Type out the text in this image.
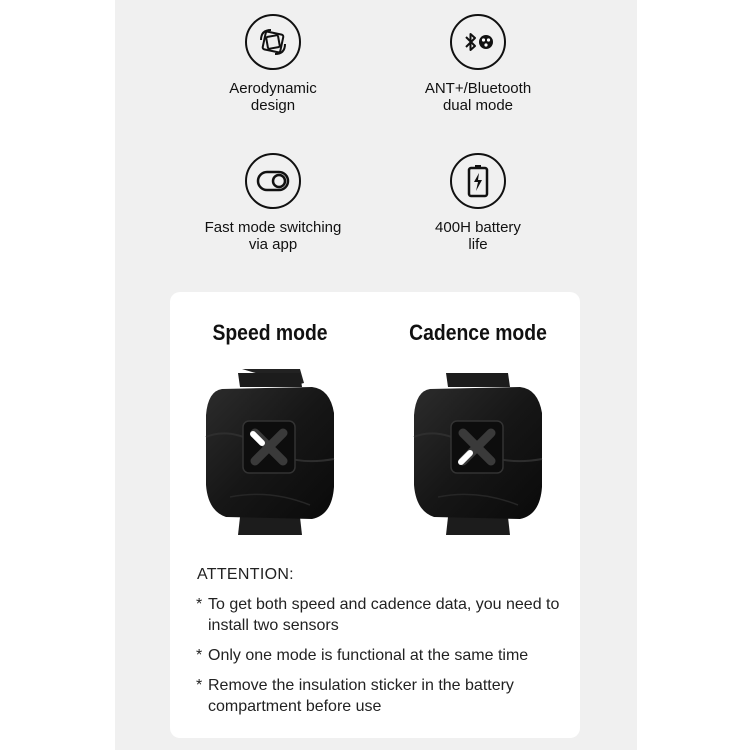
Aerodynamic
design
ANT+/Bluetooth
dual mode
Fast mode switching
via app
400H battery
life
Speed mode	Cadence mode
ATTENTION:
* To get both speed and cadence data, you need to install two sensors
* Only one mode is functional at the same time
* Remove the insulation sticker in the battery compartment before use
